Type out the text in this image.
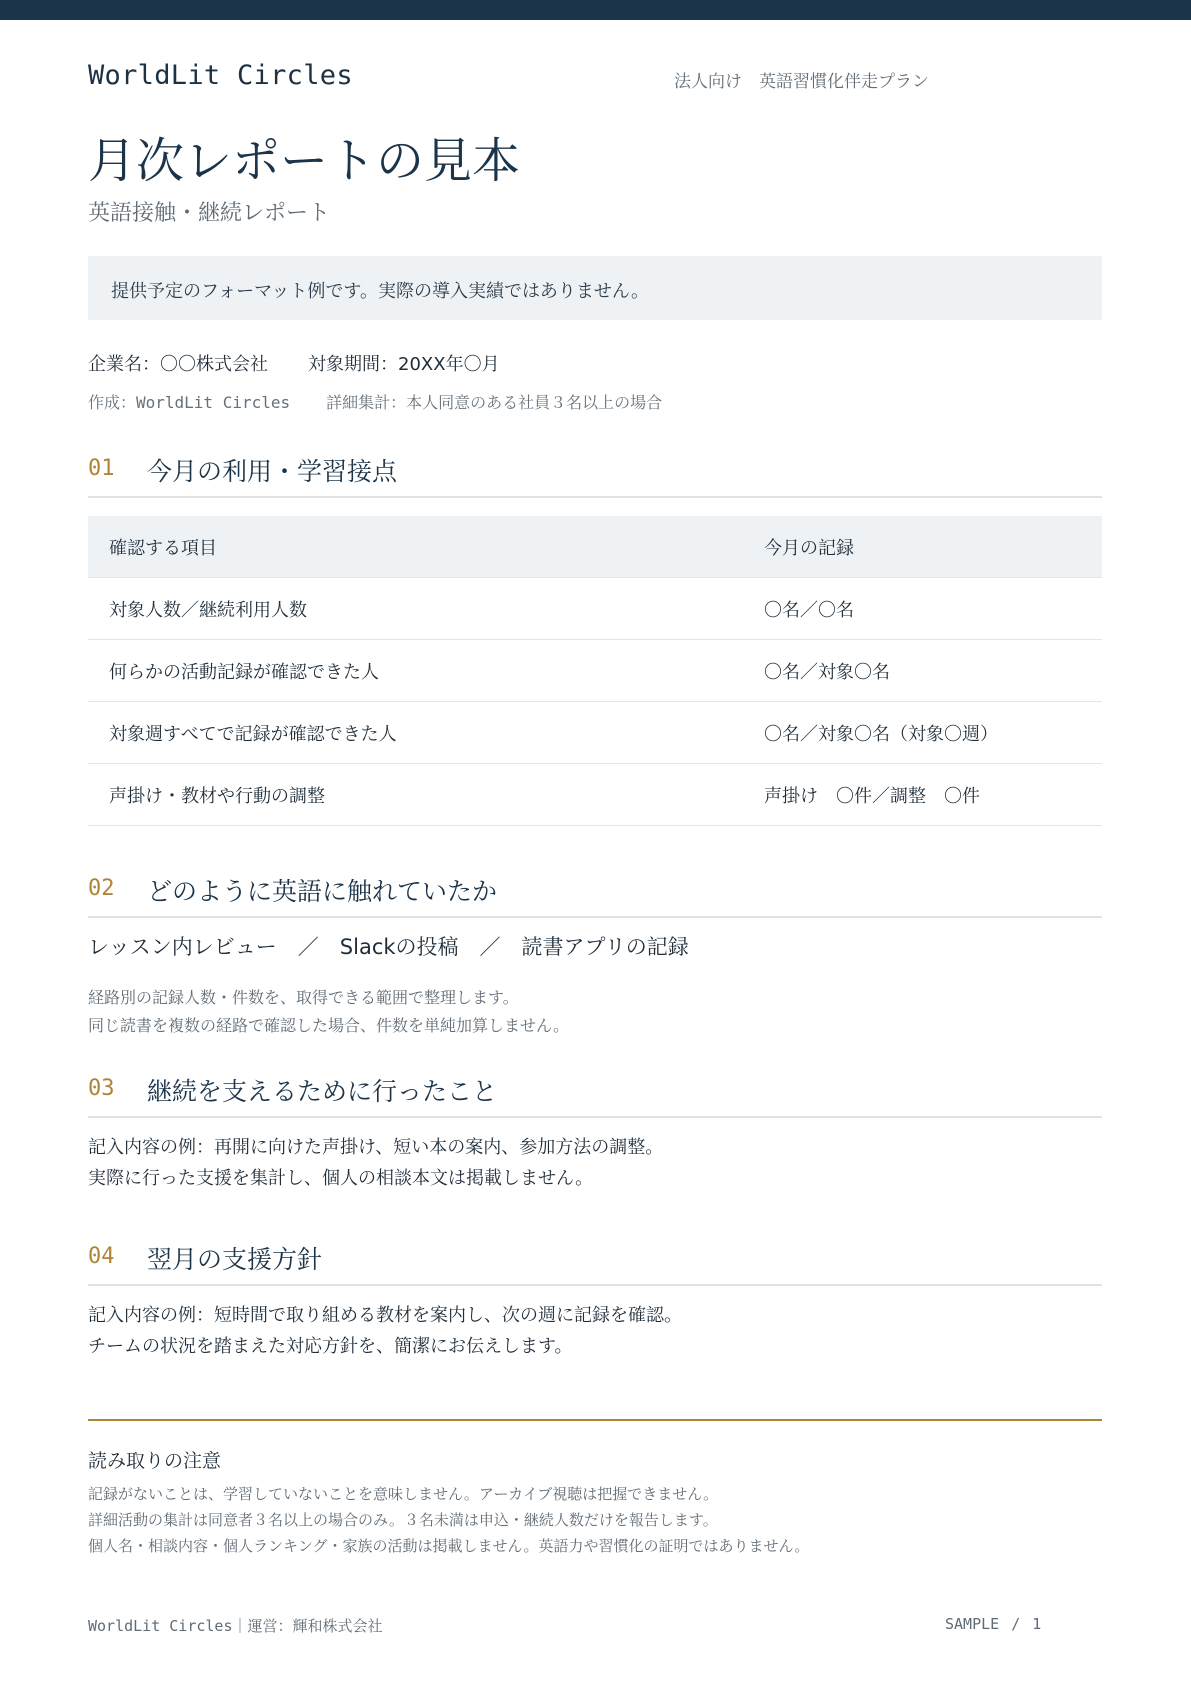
WorldLit Circles	法人向け　英語習慣化伴走プラン
月次レポートの見本
英語接触・継続レポート
提供予定のフォーマット例です。実際の導入実績ではありません。
企業名：〇〇株式会社 対象期間：20XX年〇月
作成：WorldLit Circles 詳細集計：本人同意のある社員３名以上の場合
01 今月の利用・学習接点
確認する項目	今月の記録
対象人数／継続利用人数	〇名／〇名
何らかの活動記録が確認できた人	〇名／対象〇名
対象週すべてで記録が確認できた人	〇名／対象〇名（対象〇週）
声掛け・教材や行動の調整	声掛け　〇件／調整　〇件
02 どのように英語に触れていたか
レッスン内レビュー　／　Slackの投稿　／　読書アプリの記録
経路別の記録人数・件数を、取得できる範囲で整理します。
同じ読書を複数の経路で確認した場合、件数を単純加算しません。
03 継続を支えるために行ったこと
記入内容の例：再開に向けた声掛け、短い本の案内、参加方法の調整。
実際に行った支援を集計し、個人の相談本文は掲載しません。
04 翌月の支援方針
記入内容の例：短時間で取り組める教材を案内し、次の週に記録を確認。
チームの状況を踏まえた対応方針を、簡潔にお伝えします。
読み取りの注意
記録がないことは、学習していないことを意味しません。アーカイブ視聴は把握できません。
詳細活動の集計は同意者３名以上の場合のみ。３名未満は申込・継続人数だけを報告します。
個人名・相談内容・個人ランキング・家族の活動は掲載しません。英語力や習慣化の証明ではありません。
WorldLit Circles｜運営：輝和株式会社	SAMPLE / 1
